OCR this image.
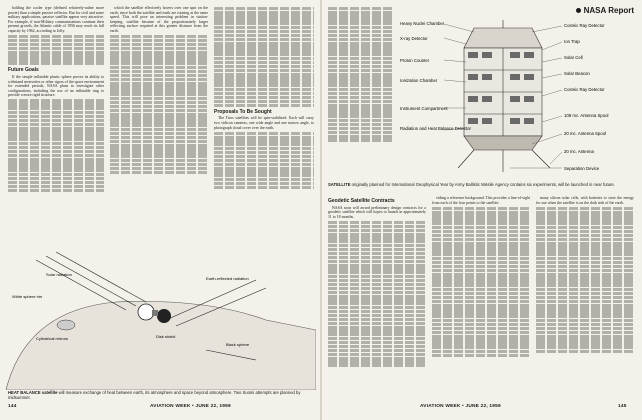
holding the cooler type (defined relatively-rather more power) than a simple passive reflector. But for civil and some military applications, passive satellite appear very attractive. For example, if non-Military communications continue their present growth, the Atlantic cable of 1956 may reach its full capacity by 1962, according to Jolly.

Future Goals

If the simple inflatable plastic sphere proves its ability to withstand meteorites or other rigors of the space environment for extended periods, NASA plans to investigate other configurations, including the use of an inflatable ring to provide a more rigid structure.

which the satellite effectively hovers over one spot on the earth, since both the satellite and earth are rotating at the same speed. This will pose an interesting problem in station-keeping, satellite because of the proportionately larger reflecting surface required at this greater distance from the earth.

Proposals To Be Sought

The Tiros satellites will be spin-stabilized. Each will carry two vidicon cameras, one wide angle and one narrow angle, to photograph cloud cover over the earth.

Solar radiation
White sphere rim
Cylindrical mirrors	Disk shield
Earth-reflected radiation
Black sphere
HEAT BALANCE satellite will measure exchange of heat between earth, its atmosphere and space beyond atmosphere. Two Suomi attempts are planned by midsummer.
144	AVIATION WEEK • JUNE 22, 1959
NASA Report
Heavy Nuclei Chamber
X-ray Detector
Proton Counter
Ionization Chamber
Instrument Compartment
Radiation and Heat Balance Detector
Cosmic Ray Detector
Ion Trap
Solar Cell
Solar Beacon
Cosmic Ray Detector
108 mc. Antenna Spool
20 mc. Antenna Spool
20 mc. Antenna
Separation Device
SATELLITE originally planned for International Geophysical Year by Army Ballistic Missile Agency contains six experiments, will be launched in near future.
Geodetic Satellite Contracts

NASA soon will award preliminary design contracts for a geodetic satellite which will hopes to launch in approximately 11 to 18 months.

viding a reference background. This provides a line-of-sight from each of the four points to the satellite.

many silicon solar cells, with batteries to store the energy for use when the satellite is on the dark side of the earth.

AVIATION WEEK • JUNE 22, 1959	145
